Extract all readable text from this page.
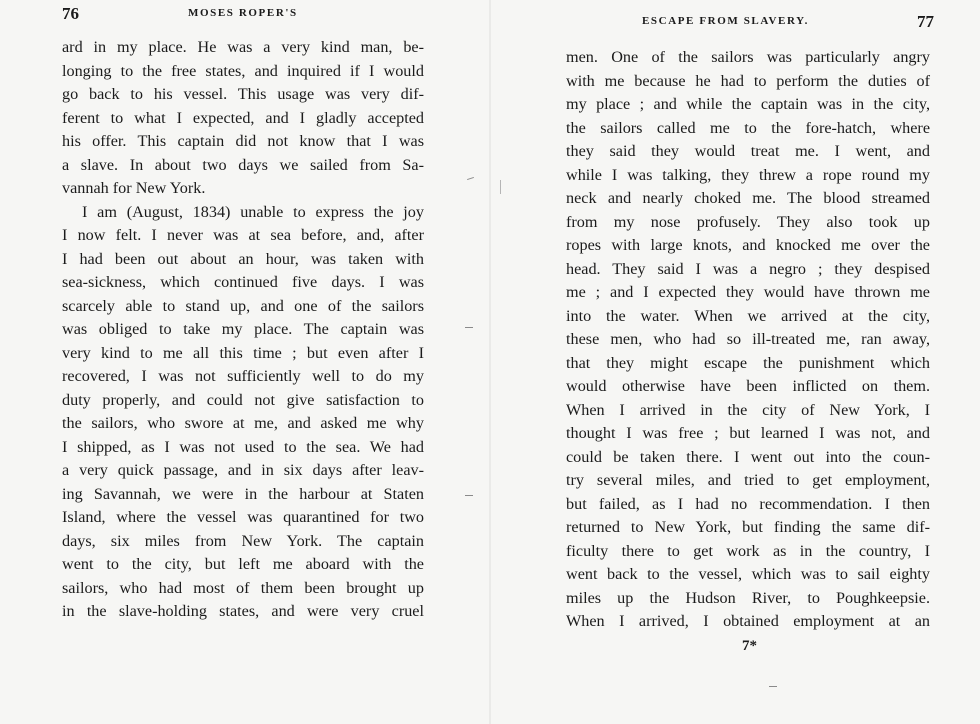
76	MOSES ROPER'S
ard in my place. He was a very kind man, be-
longing to the free states, and inquired if I would
go back to his vessel. This usage was very dif-
ferent to what I expected, and I gladly accepted
his offer. This captain did not know that I was
a slave. In about two days we sailed from Sa-
vannah for New York.
I am (August, 1834) unable to express the joy
I now felt. I never was at sea before, and, after
I had been out about an hour, was taken with
sea-sickness, which continued five days. I was
scarcely able to stand up, and one of the sailors
was obliged to take my place. The captain was
very kind to me all this time ; but even after I
recovered, I was not sufficiently well to do my
duty properly, and could not give satisfaction to
the sailors, who swore at me, and asked me why
I shipped, as I was not used to the sea. We had
a very quick passage, and in six days after leav-
ing Savannah, we were in the harbour at Staten
Island, where the vessel was quarantined for two
days, six miles from New York. The captain
went to the city, but left me aboard with the
sailors, who had most of them been brought up
in the slave-holding states, and were very cruel
ESCAPE FROM SLAVERY.	77
men. One of the sailors was particularly angry
with me because he had to perform the duties of
my place ; and while the captain was in the city,
the sailors called me to the fore-hatch, where
they said they would treat me. I went, and
while I was talking, they threw a rope round my
neck and nearly choked me. The blood streamed
from my nose profusely. They also took up
ropes with large knots, and knocked me over the
head. They said I was a negro ; they despised
me ; and I expected they would have thrown me
into the water. When we arrived at the city,
these men, who had so ill-treated me, ran away,
that they might escape the punishment which
would otherwise have been inflicted on them.
When I arrived in the city of New York, I
thought I was free ; but learned I was not, and
could be taken there. I went out into the coun-
try several miles, and tried to get employment,
but failed, as I had no recommendation. I then
returned to New York, but finding the same dif-
ficulty there to get work as in the country, I
went back to the vessel, which was to sail eighty
miles up the Hudson River, to Poughkeepsie.
When I arrived, I obtained employment at an
7*
